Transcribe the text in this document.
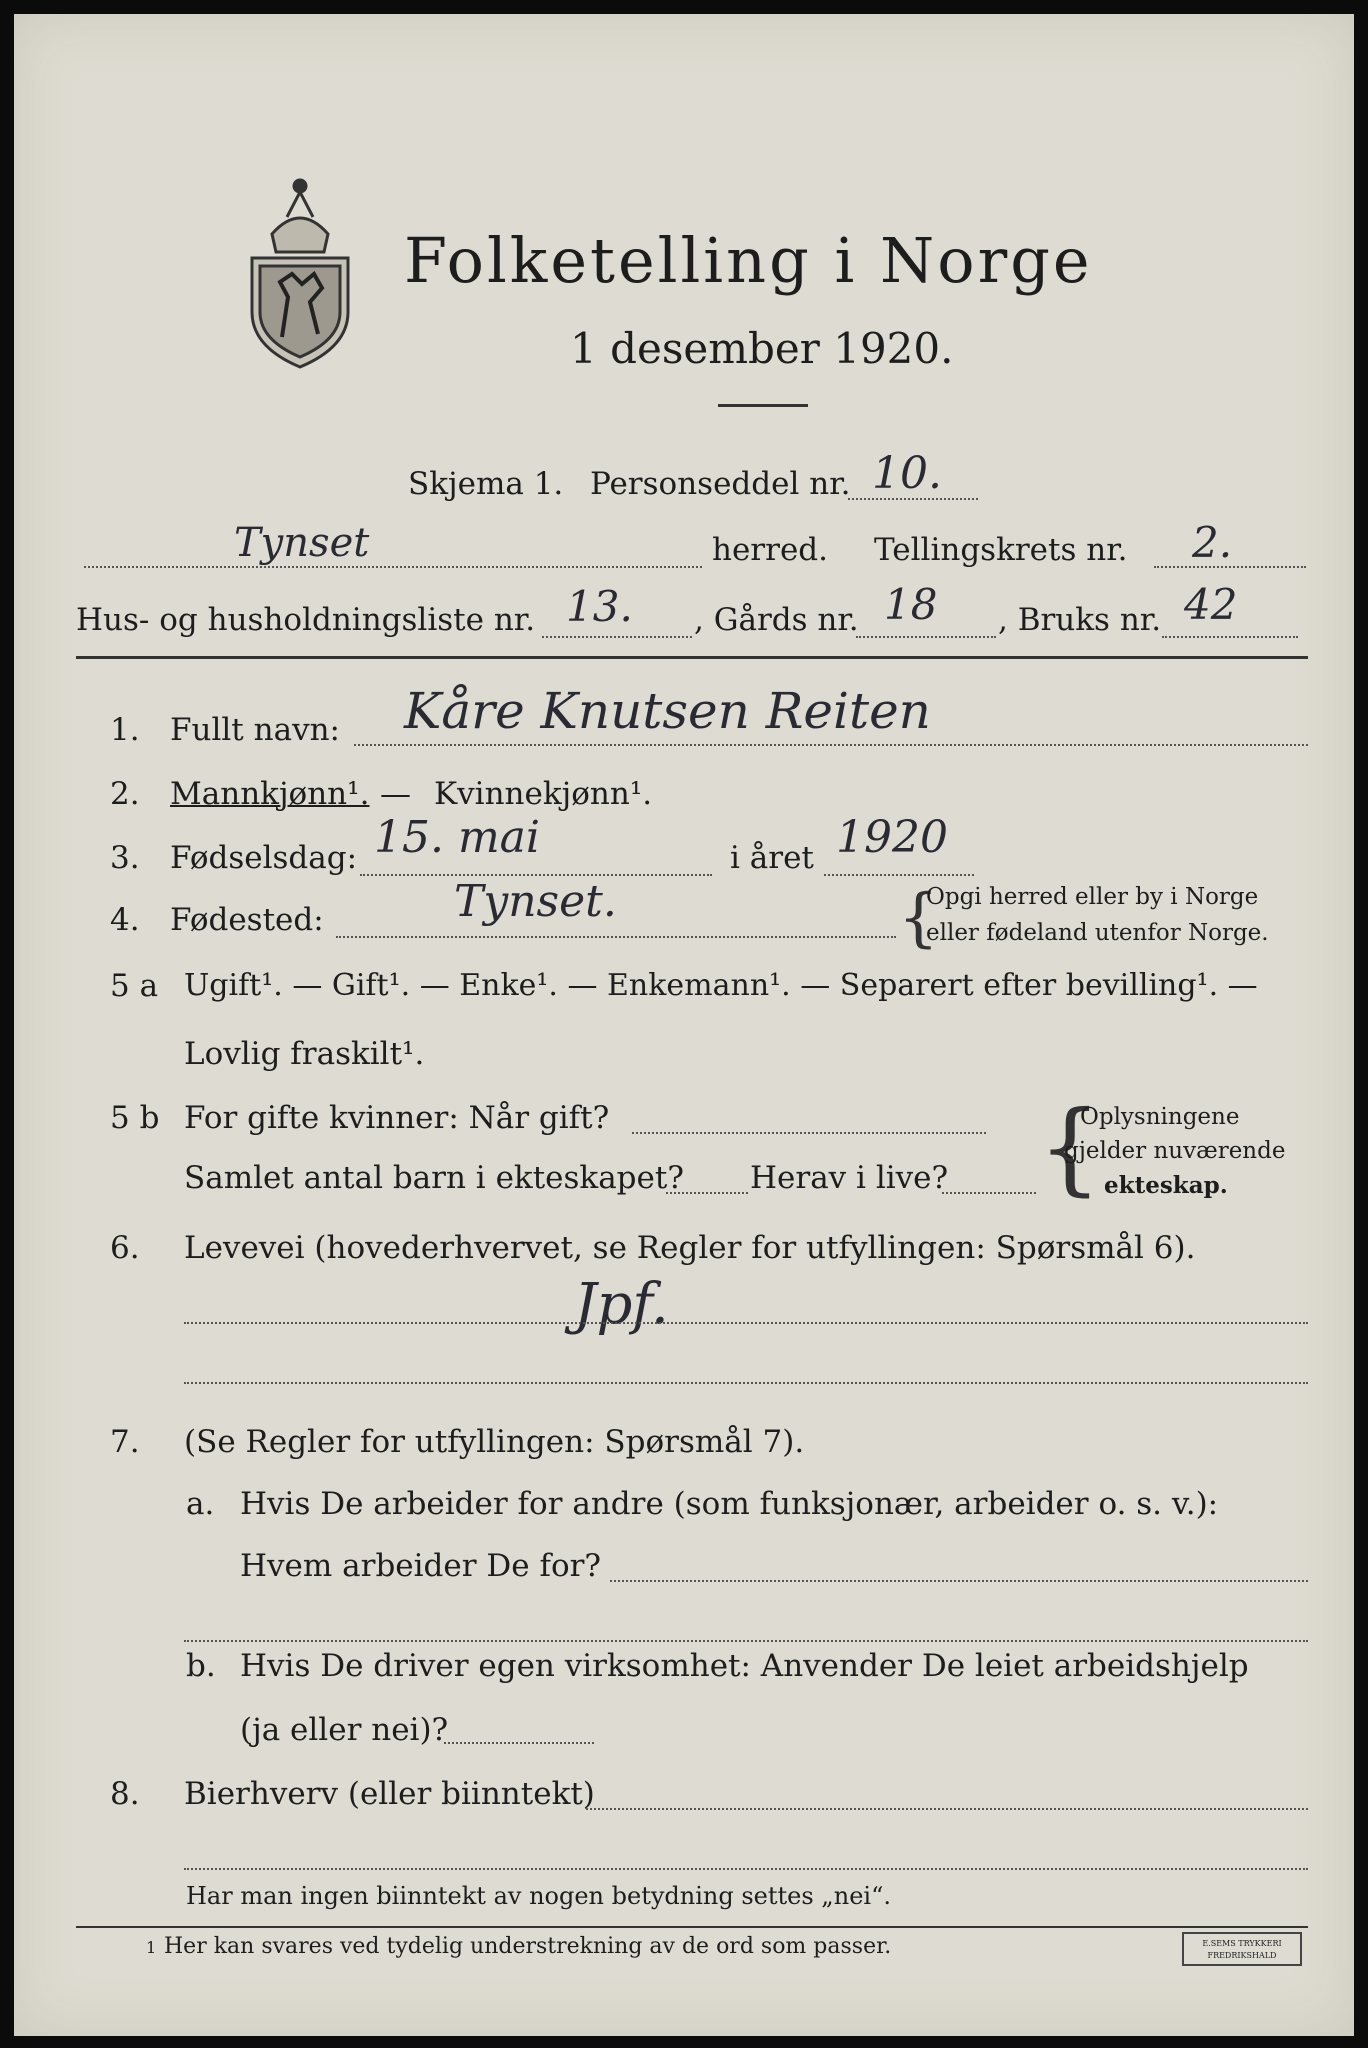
Folketelling i Norge
1 desember 1920.
Skjema 1. Personseddel nr. 10.
Tynset	herred. Tellingskrets nr. 2.
Hus- og husholdningsliste nr. 13. , Gårds nr. 18 , Bruks nr. 42
1. Fullt navn: Kåre Knutsen Reiten
2. Mannkjønn¹. — Kvinnekjønn¹.
3. Fødselsdag: 15. mai	i året 1920
4. Fødested:	Tynset.	{
Opgi herred eller by i Norge
eller fødeland utenfor Norge.
5 a Ugift¹. — Gift¹. — Enke¹. — Enkemann¹. — Separert efter bevilling¹. —
Lovlig fraskilt¹.
5 b For gifte kvinner: Når gift?
Samlet antal barn i ekteskapet? Herav i live? {
Oplysningene
gjelder nuværende
ekteskap.
6. Levevei (hovederhvervet, se Regler for utfyllingen: Spørsmål 6).
Jpf.
7. (Se Regler for utfyllingen: Spørsmål 7).
a. Hvis De arbeider for andre (som funksjonær, arbeider o. s. v.):
Hvem arbeider De for?
b. Hvis De driver egen virksomhet: Anvender De leiet arbeidshjelp
(ja eller nei)?
8. Bierhverv (eller biinntekt)
Har man ingen biinntekt av nogen betydning settes „nei“.
1 Her kan svares ved tydelig understrekning av de ord som passer.	E.SEMS TRYKKERI FREDRIKSHALD
